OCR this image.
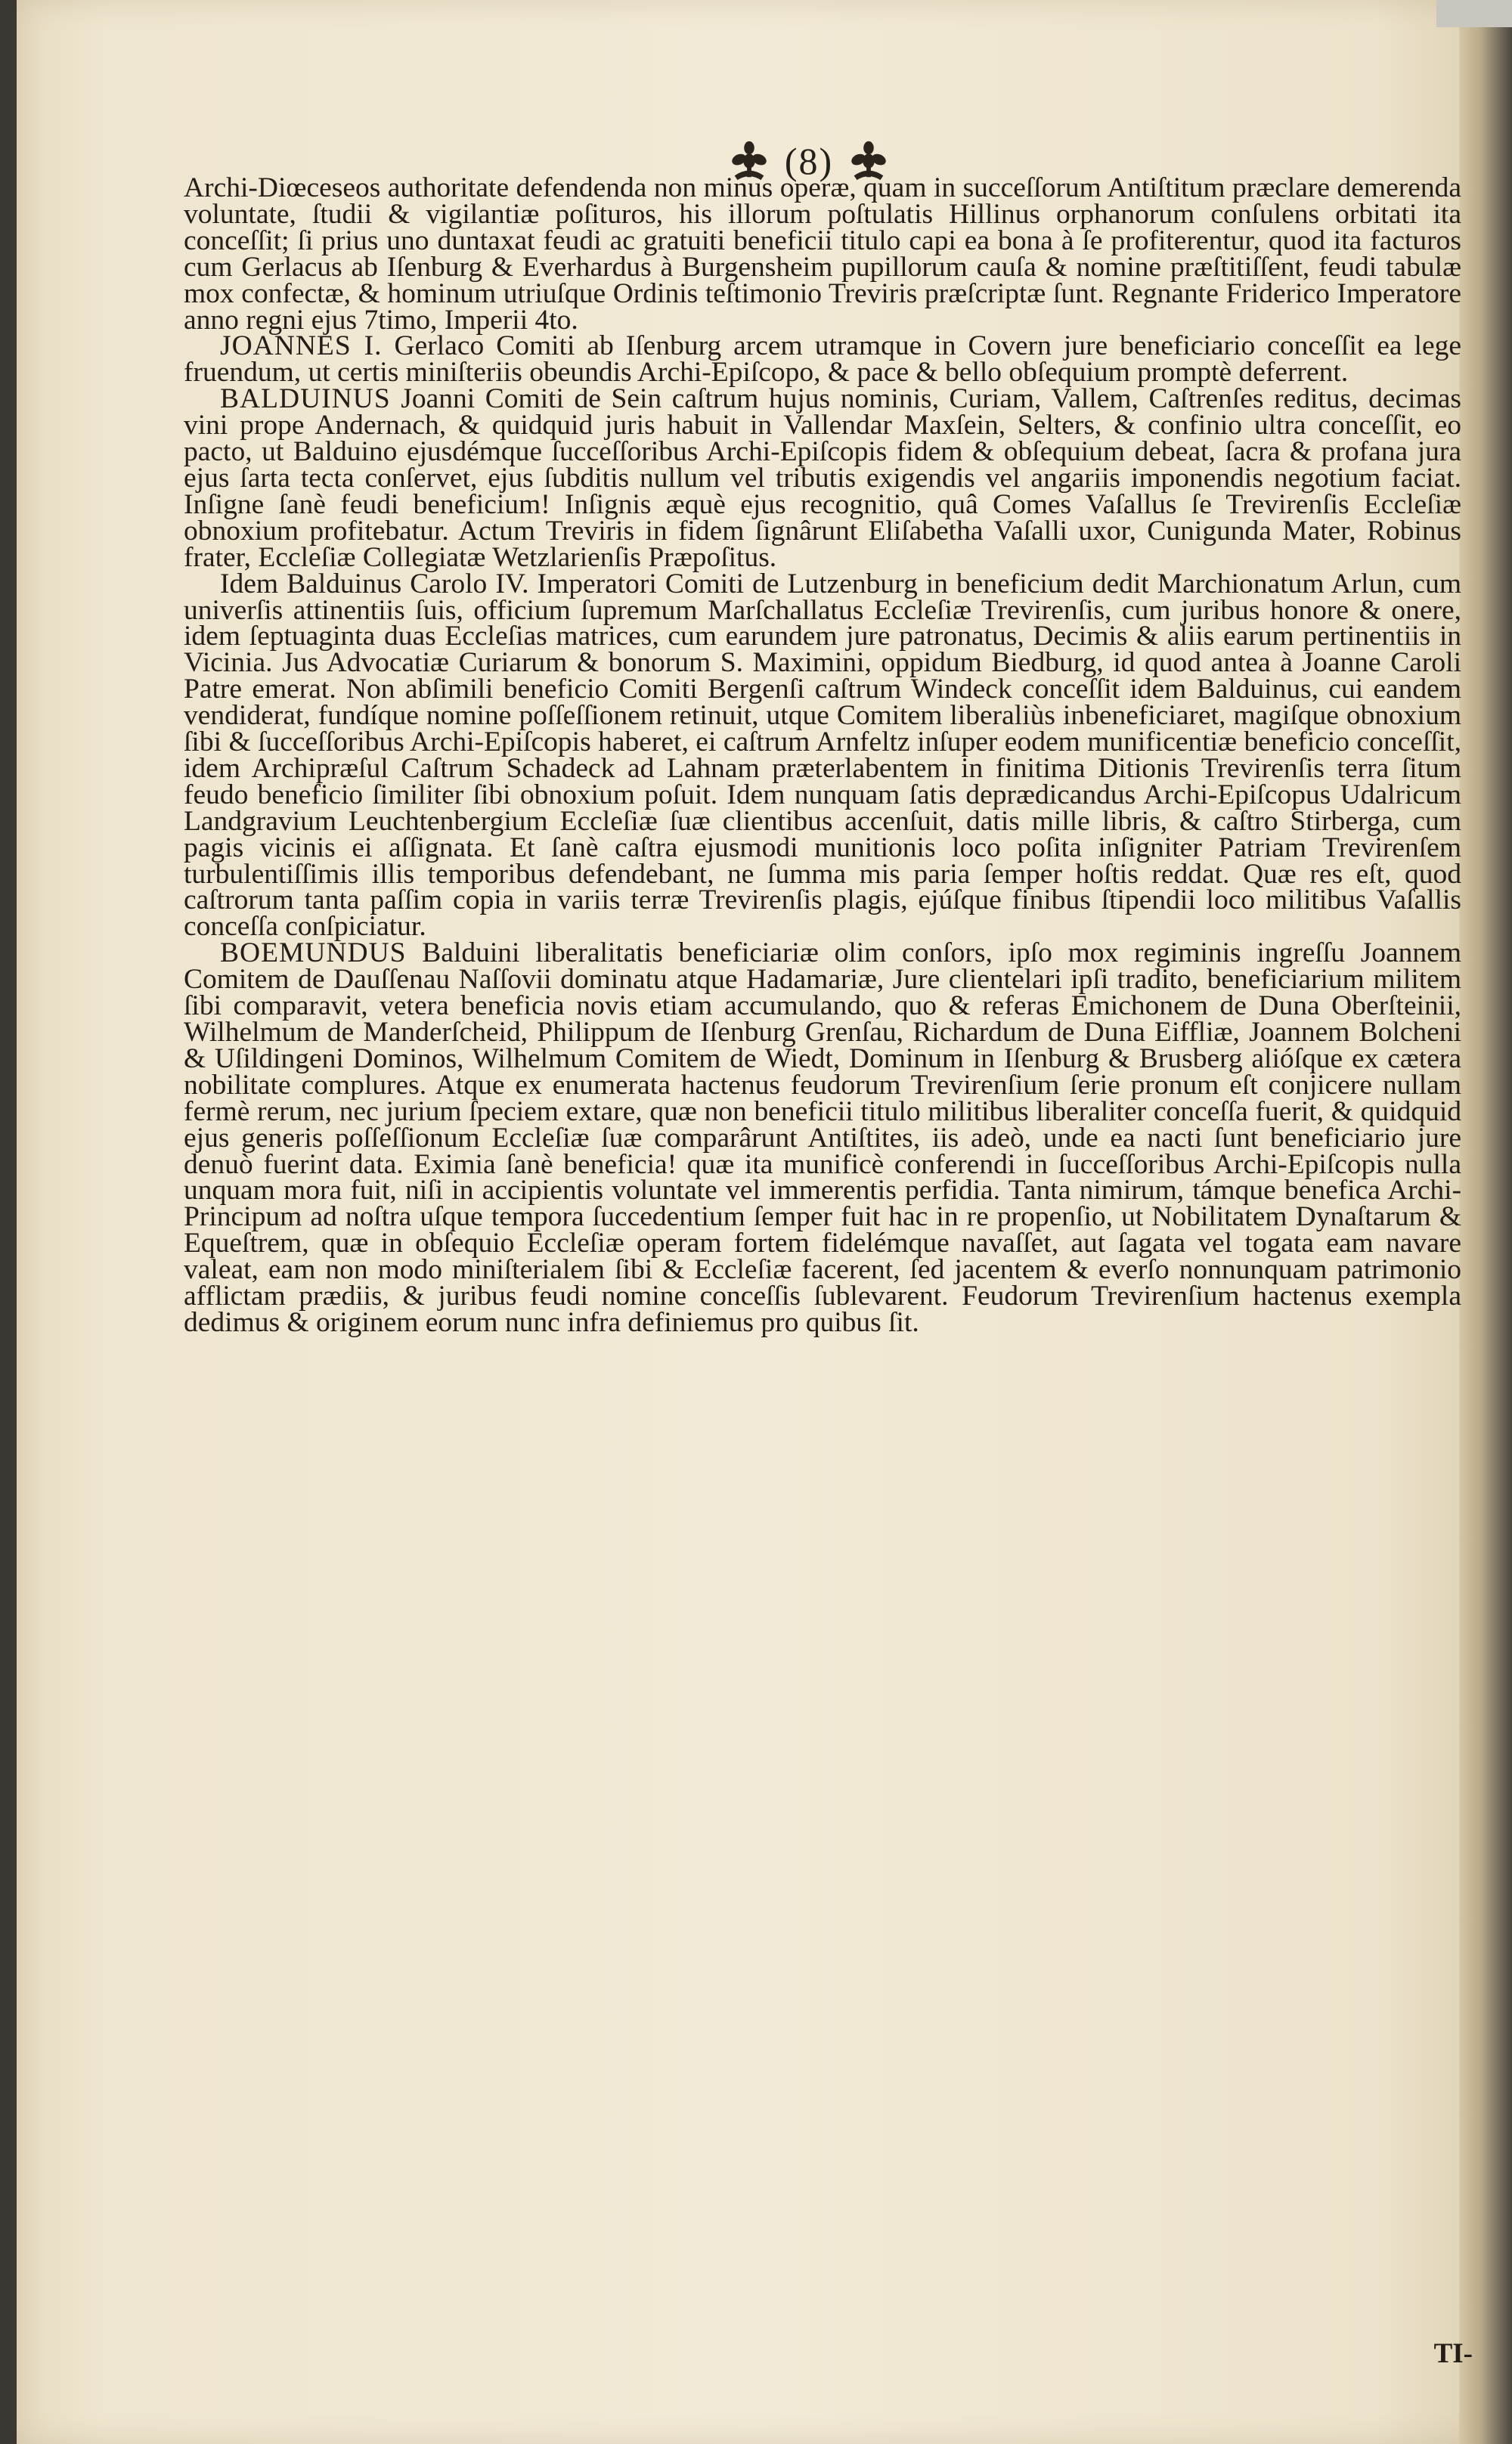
(8)

Archi-Diœceseos authoritate defendenda non minus operæ, quam in succeſſorum Antiſtitum præclare demerenda voluntate, ſtudii & vigilantiæ poſituros, his illorum poſtulatis Hillinus orphanorum conſulens orbitati ita conceſſit; ſi prius uno duntaxat feudi ac gratuiti beneficii titulo capi ea bona à ſe profiterentur, quod ita facturos cum Gerlacus ab Iſenburg & Everhardus à Burgensheim pupillorum cauſa & nomine præſtitiſſent, feudi tabulæ mox confectæ, & hominum utriuſque Ordinis teſtimonio Treviris præſcriptæ ſunt. Regnante Friderico Imperatore anno regni ejus 7timo, Imperii 4to.

JOANNES I. Gerlaco Comiti ab Iſenburg arcem utramque in Covern jure beneficiario conceſſit ea lege fruendum, ut certis miniſteriis obeundis Archi-Epiſcopo, & pace & bello obſequium promptè deferrent.

BALDUINUS Joanni Comiti de Sein caſtrum hujus nominis, Curiam, Vallem, Caſtrenſes reditus, decimas vini prope Andernach, & quidquid juris habuit in Vallendar Maxſein, Selters, & confinio ultra conceſſit, eo pacto, ut Balduino ejusdémque ſucceſſoribus Archi-Epiſcopis fidem & obſequium debeat, ſacra & profana jura ejus ſarta tecta conſervet, ejus ſubditis nullum vel tributis exigendis vel angariis imponendis negotium faciat. Inſigne ſanè feudi beneficium! Inſignis æquè ejus recognitio, quâ Comes Vaſallus ſe Trevirenſis Eccleſiæ obnoxium profitebatur. Actum Treviris in fidem ſignârunt Eliſabetha Vaſalli uxor, Cunigunda Mater, Robinus frater, Eccleſiæ Collegiatæ Wetzlarienſis Præpoſitus.

Idem Balduinus Carolo IV. Imperatori Comiti de Lutzenburg in beneficium dedit Marchionatum Arlun, cum univerſis attinentiis ſuis, officium ſupremum Marſchallatus Eccleſiæ Trevirenſis, cum juribus honore & onere, idem ſeptuaginta duas Eccleſias matrices, cum earundem jure patronatus, Decimis & aliis earum pertinentiis in Vicinia. Jus Advocatiæ Curiarum & bonorum S. Maximini, oppidum Biedburg, id quod antea à Joanne Caroli Patre emerat. Non abſimili beneficio Comiti Bergenſi caſtrum Windeck conceſſit idem Balduinus, cui eandem vendiderat, fundíque nomine poſſeſſionem retinuit, utque Comitem liberaliùs inbeneficiaret, magiſque obnoxium ſibi & ſucceſſoribus Archi-Epiſcopis haberet, ei caſtrum Arnfeltz inſuper eodem munificentiæ beneficio conceſſit, idem Archipræſul Caſtrum Schadeck ad Lahnam præterlabentem in finitima Ditionis Trevirenſis terra ſitum feudo beneficio ſimiliter ſibi obnoxium poſuit. Idem nunquam ſatis deprædicandus Archi-Epiſcopus Udalricum Landgravium Leuchtenbergium Eccleſiæ ſuæ clientibus accenſuit, datis mille libris, & caſtro Stirberga, cum pagis vicinis ei aſſignata. Et ſanè caſtra ejusmodi munitionis loco poſita inſigniter Patriam Trevirenſem turbulentiſſimis illis temporibus defendebant, ne ſumma mis paria ſemper hoſtis reddat. Quæ res eſt, quod caſtrorum tanta paſſim copia in variis terræ Trevirenſis plagis, ejúſque finibus ſtipendii loco militibus Vaſallis conceſſa conſpiciatur.

BOEMUNDUS Balduini liberalitatis beneficiariæ olim conſors, ipſo mox regiminis ingreſſu Joannem Comitem de Dauſſenau Naſſovii dominatu atque Hadamariæ, Jure clientelari ipſi tradito, beneficiarium militem ſibi comparavit, vetera beneficia novis etiam accumulando, quo & referas Emichonem de Duna Oberſteinii, Wilhelmum de Manderſcheid, Philippum de Iſenburg Grenſau, Richardum de Duna Eiffliæ, Joannem Bolcheni & Uſildingeni Dominos, Wilhelmum Comitem de Wiedt, Dominum in Iſenburg & Brusberg alióſque ex cætera nobilitate complures. Atque ex enumerata hactenus feudorum Trevirenſium ſerie pronum eſt conjicere nullam fermè rerum, nec jurium ſpeciem extare, quæ non beneficii titulo militibus liberaliter conceſſa fuerit, & quidquid ejus generis poſſeſſionum Eccleſiæ ſuæ comparârunt Antiſtites, iis adeò, unde ea nacti ſunt beneficiario jure denuò fuerint data. Eximia ſanè beneficia! quæ ita munificè conferendi in ſucceſſoribus Archi-Epiſcopis nulla unquam mora fuit, niſi in accipientis voluntate vel immerentis perfidia. Tanta nimirum, támque benefica Archi-Principum ad noſtra uſque tempora ſuccedentium ſemper fuit hac in re propenſio, ut Nobilitatem Dynaſtarum & Equeſtrem, quæ in obſequio Eccleſiæ operam fortem fidelémque navaſſet, aut ſagata vel togata eam navare valeat, eam non modo miniſterialem ſibi & Eccleſiæ facerent, ſed jacentem & everſo nonnunquam patrimonio afflictam prædiis, & juribus feudi nomine conceſſis ſublevarent. Feudorum Trevirenſium hactenus exempla dedimus & originem eorum nunc infra definiemus pro quibus ſit.

TI-
